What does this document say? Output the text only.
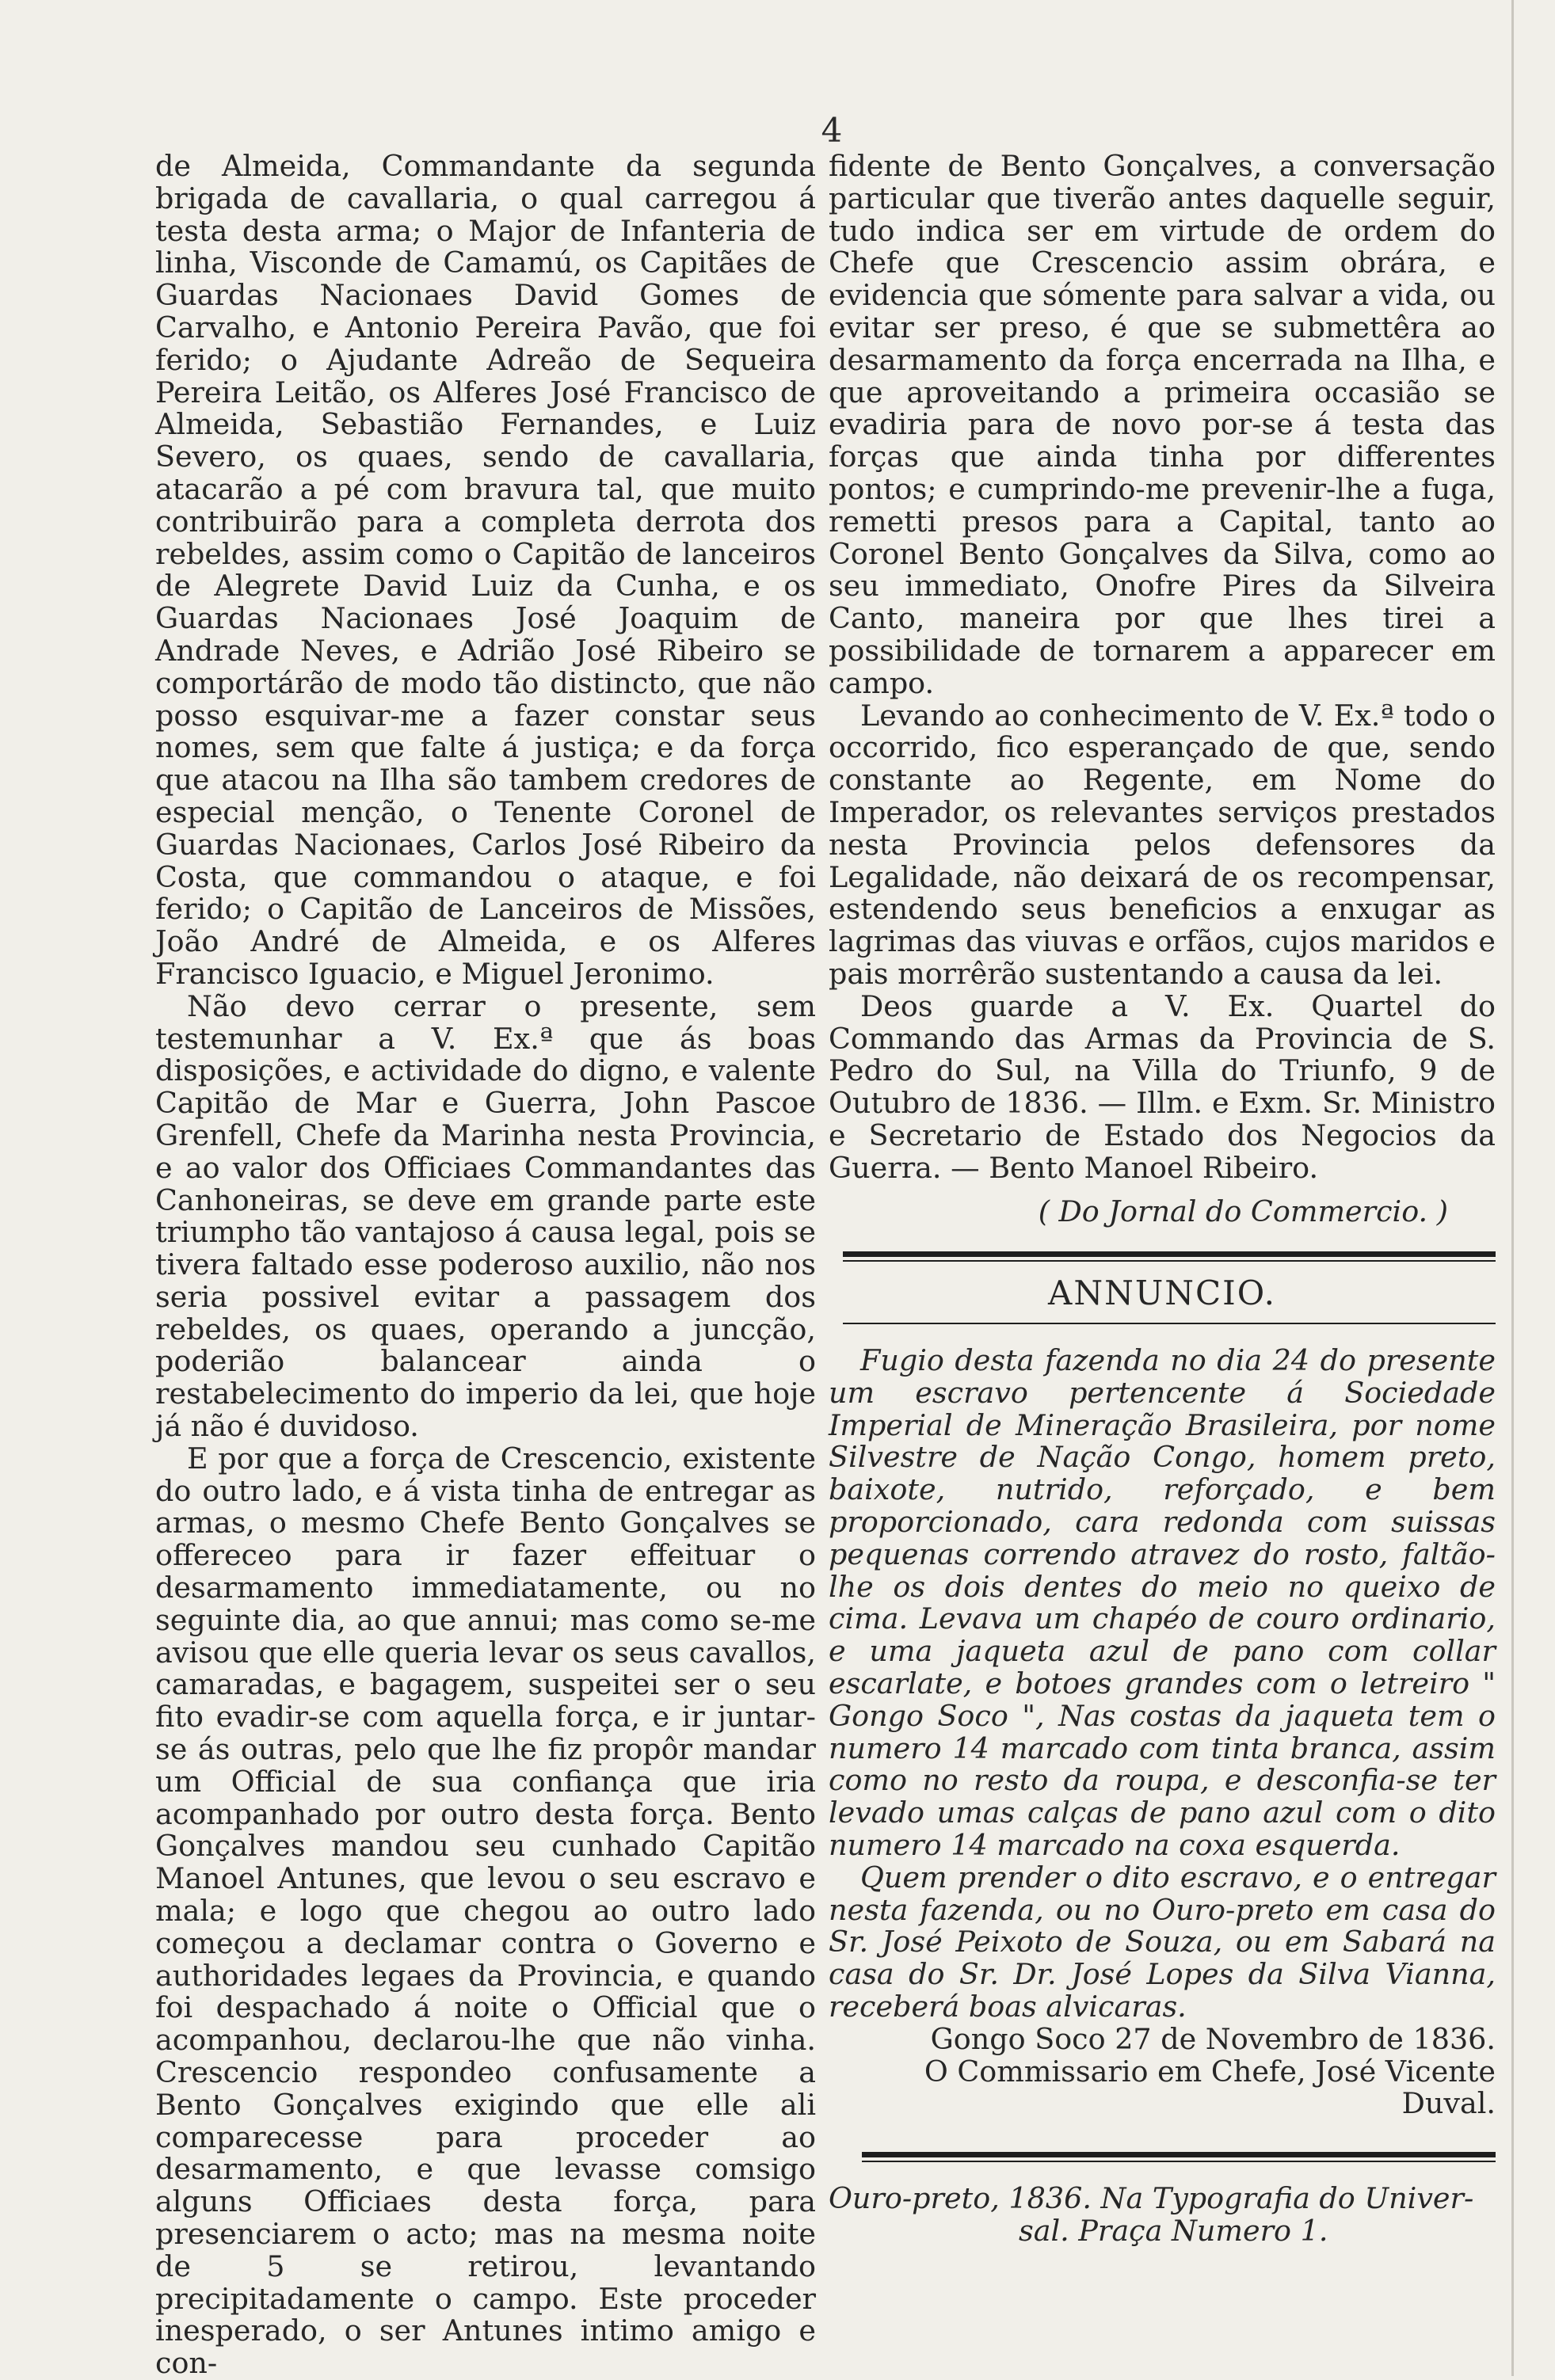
4

de Almeida, Commandante da segunda brigada de cavallaria, o qual carregou á testa desta arma; o Major de Infanteria de linha, Visconde de Camamú, os Capitães de Guardas Nacionaes David Gomes de Carvalho, e Antonio Pereira Pavão, que foi ferido; o Ajudante Adreão de Sequeira Pereira Leitão, os Alferes José Francisco de Almeida, Sebastião Fernandes, e Luiz Severo, os quaes, sendo de cavallaria, atacarão a pé com bravura tal, que muito contribuirão para a completa derrota dos rebeldes, assim como o Capitão de lanceiros de Alegrete David Luiz da Cunha, e os Guardas Nacionaes José Joaquim de Andrade Neves, e Adrião José Ribeiro se comportárão de modo tão distincto, que não posso esquivar-me a fazer constar seus nomes, sem que falte á justiça; e da força que atacou na Ilha são tambem credores de especial menção, o Tenente Coronel de Guardas Nacionaes, Carlos José Ribeiro da Costa, que commandou o ataque, e foi ferido; o Capitão de Lanceiros de Missões, João André de Almeida, e os Alferes Francisco Iguacio, e Miguel Jeronimo.

Não devo cerrar o presente, sem testemunhar a V. Ex.ª que ás boas disposições, e actividade do digno, e valente Capitão de Mar e Guerra, John Pascoe Grenfell, Chefe da Marinha nesta Provincia, e ao valor dos Officiaes Commandantes das Canhoneiras, se deve em grande parte este triumpho tão vantajoso á causa legal, pois se tivera faltado esse poderoso auxilio, não nos seria possivel evitar a passagem dos rebeldes, os quaes, operando a juncção, poderião balancear ainda o restabelecimento do imperio da lei, que hoje já não é duvidoso.

E por que a força de Crescencio, existente do outro lado, e á vista tinha de entregar as armas, o mesmo Chefe Bento Gonçalves se offereceo para ir fazer effeituar o desarmamento immediatamente, ou no seguinte dia, ao que annui; mas como se-me avisou que elle queria levar os seus cavallos, camaradas, e bagagem, suspeitei ser o seu fito evadir-se com aquella força, e ir juntar-se ás outras, pelo que lhe fiz propôr mandar um Official de sua confiança que iria acompanhado por outro desta força. Bento Gonçalves mandou seu cunhado Capitão Manoel Antunes, que levou o seu escravo e mala; e logo que chegou ao outro lado começou a declamar contra o Governo e authoridades legaes da Provincia, e quando foi despachado á noite o Official que o acompanhou, declarou-lhe que não vinha. Crescencio respondeo confusamente a Bento Gonçalves exigindo que elle ali comparecesse para proceder ao desarmamento, e que levasse comsigo alguns Officiaes desta força, para presenciarem o acto; mas na mesma noite de 5 se retirou, levantando precipitadamente o campo. Este proceder inesperado, o ser Antunes intimo amigo e con-

fidente de Bento Gonçalves, a conversação particular que tiverão antes daquelle seguir, tudo indica ser em virtude de ordem do Chefe que Crescencio assim obrára, e evidencia que sómente para salvar a vida, ou evitar ser preso, é que se submettêra ao desarmamento da força encerrada na Ilha, e que aproveitando a primeira occasião se evadiria para de novo por-se á testa das forças que ainda tinha por differentes pontos; e cumprindo-me prevenir-lhe a fuga, remetti presos para a Capital, tanto ao Coronel Bento Gonçalves da Silva, como ao seu immediato, Onofre Pires da Silveira Canto, maneira por que lhes tirei a possibilidade de tornarem a apparecer em campo.

Levando ao conhecimento de V. Ex.ª todo o occorrido, fico esperançado de que, sendo constante ao Regente, em Nome do Imperador, os relevantes serviços prestados nesta Provincia pelos defensores da Legalidade, não deixará de os recompensar, estendendo seus beneficios a enxugar as lagrimas das viuvas e orfãos, cujos maridos e pais morrêrão sustentando a causa da lei.

Deos guarde a V. Ex. Quartel do Commando das Armas da Provincia de S. Pedro do Sul, na Villa do Triunfo, 9 de Outubro de 1836. — Illm. e Exm. Sr. Ministro e Secretario de Estado dos Negocios da Guerra. — Bento Manoel Ribeiro.

( Do Jornal do Commercio. )

ANNUNCIO.

Fugio desta fazenda no dia 24 do presente um escravo pertencente á Sociedade Imperial de Mineração Brasileira, por nome Silvestre de Nação Congo, homem preto, baixote, nutrido, reforçado, e bem proporcionado, cara redonda com suissas pequenas correndo atravez do rosto, faltão-lhe os dois dentes do meio no queixo de cima. Levava um chapéo de couro ordinario, e uma jaqueta azul de pano com collar escarlate, e botoes grandes com o letreiro " Gongo Soco ", Nas costas da jaqueta tem o numero 14 marcado com tinta branca, assim como no resto da roupa, e desconfia-se ter levado umas calças de pano azul com o dito numero 14 marcado na coxa esquerda.

Quem prender o dito escravo, e o entregar nesta fazenda, ou no Ouro-preto em casa do Sr. José Peixoto de Souza, ou em Sabará na casa do Sr. Dr. José Lopes da Silva Vianna, receberá boas alvicaras.

Gongo Soco 27 de Novembro de 1836.

O Commissario em Chefe, José Vicente Duval.

Ouro-preto, 1836. Na Typografia do Univer-

sal. Praça Numero 1.
